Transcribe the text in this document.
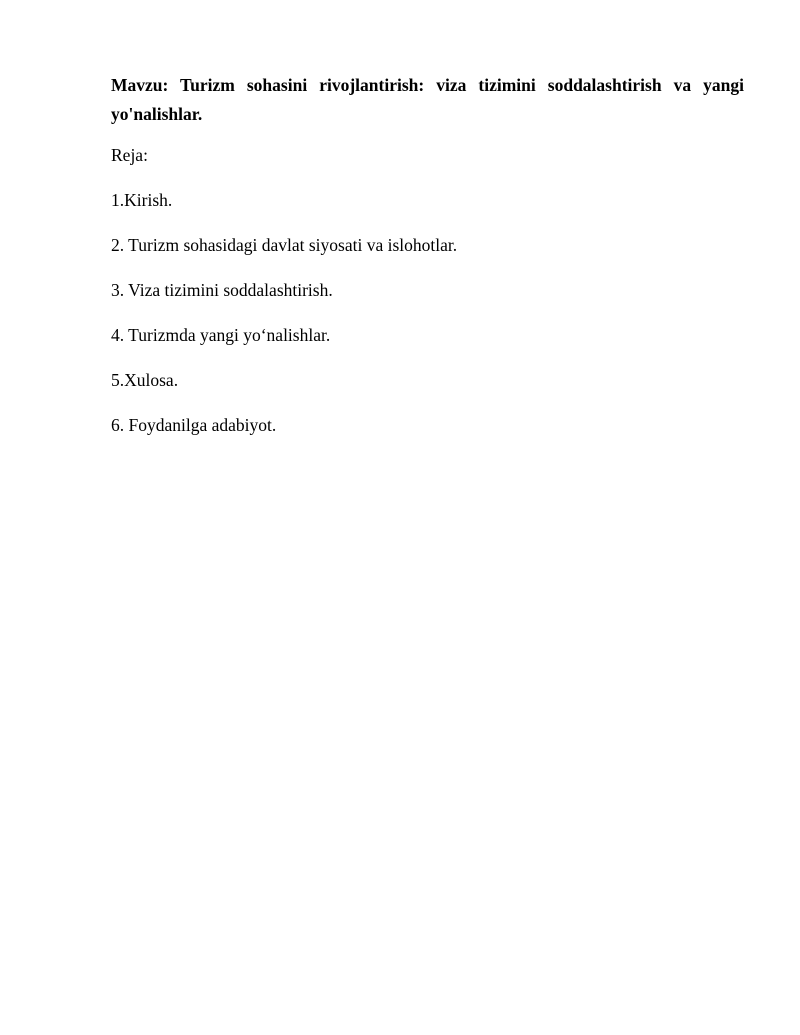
Mavzu: Turizm sohasini rivojlantirish: viza tizimini soddalashtirish va yangi yo'nalishlar.

Reja:

1.Kirish.

2. Turizm sohasidagi davlat siyosati va islohotlar.

3. Viza tizimini soddalashtirish.

4. Turizmda yangi yo‘nalishlar.

5.Xulosa.

6. Foydanilga adabiyot.
